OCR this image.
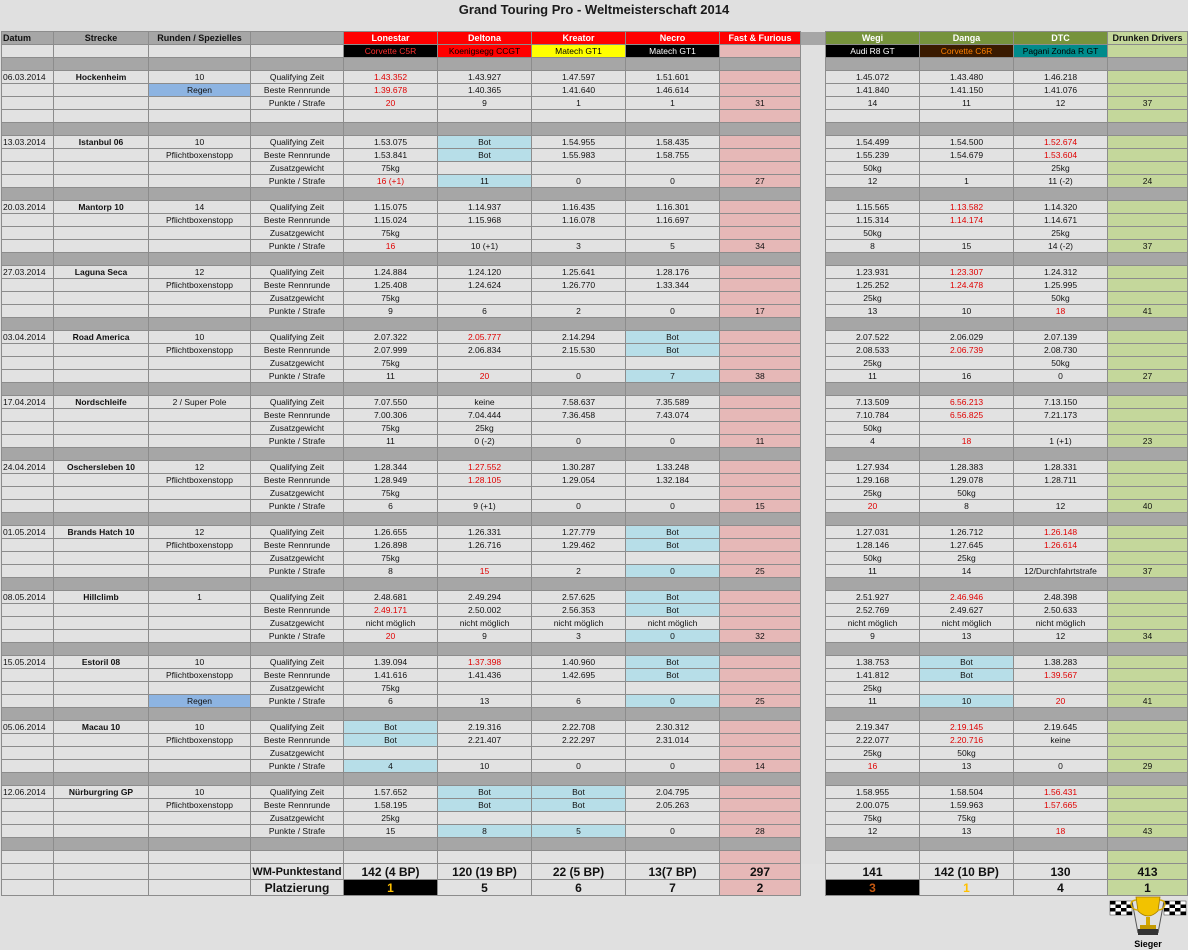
Grand Touring Pro - Weltmeisterschaft 2014
Datum	Strecke	Runden / Spezielles		Lonestar	Deltona	Kreator	Necro	Fast & Furious		Wegi	Danga	DTC	Drunken Drivers
				Corvette C5R	Koenigsegg CCGT	Matech GT1	Matech GT1			Audi R8 GT	Corvette C6R	Pagani Zonda R GT	

06.03.2014	Hockenheim	10	Qualifying Zeit	1.43.352	1.43.927	1.47.597	1.51.601			1.45.072	1.43.480	1.46.218	
		Regen	Beste Rennrunde	1.39.678	1.40.365	1.41.640	1.46.614			1.41.840	1.41.150	1.41.076	
			Punkte / Strafe	20	9	1	1	31		14	11	12	37

13.03.2014	Istanbul 06	10	Qualifying Zeit	1.53.075	Bot	1.54.955	1.58.435			1.54.499	1.54.500	1.52.674	
		Pflichtboxenstopp	Beste Rennrunde	1.53.841	Bot	1.55.983	1.58.755			1.55.239	1.54.679	1.53.604	
			Zusatzgewicht	75kg						50kg		25kg	
			Punkte / Strafe	16 (+1)	11	0	0	27		12	1	11 (-2)	24

20.03.2014	Mantorp 10	14	Qualifying Zeit	1.15.075	1.14.937	1.16.435	1.16.301			1.15.565	1.13.582	1.14.320	
		Pflichtboxenstopp	Beste Rennrunde	1.15.024	1.15.968	1.16.078	1.16.697			1.15.314	1.14.174	1.14.671	
			Zusatzgewicht	75kg						50kg		25kg	
			Punkte / Strafe	16	10 (+1)	3	5	34		8	15	14 (-2)	37

27.03.2014	Laguna Seca	12	Qualifying Zeit	1.24.884	1.24.120	1.25.641	1.28.176			1.23.931	1.23.307	1.24.312	
		Pflichtboxenstopp	Beste Rennrunde	1.25.408	1.24.624	1.26.770	1.33.344			1.25.252	1.24.478	1.25.995	
			Zusatzgewicht	75kg						25kg		50kg	
			Punkte / Strafe	9	6	2	0	17		13	10	18	41

03.04.2014	Road America	10	Qualifying Zeit	2.07.322	2.05.777	2.14.294	Bot			2.07.522	2.06.029	2.07.139	
		Pflichtboxenstopp	Beste Rennrunde	2.07.999	2.06.834	2.15.530	Bot			2.08.533	2.06.739	2.08.730	
			Zusatzgewicht	75kg						25kg		50kg	
			Punkte / Strafe	11	20	0	7	38		11	16	0	27

17.04.2014	Nordschleife	2 / Super Pole	Qualifying Zeit	7.07.550	keine	7.58.637	7.35.589			7.13.509	6.56.213	7.13.150	
			Beste Rennrunde	7.00.306	7.04.444	7.36.458	7.43.074			7.10.784	6.56.825	7.21.173	
			Zusatzgewicht	75kg	25kg					50kg			
			Punkte / Strafe	11	0 (-2)	0	0	11		4	18	1 (+1)	23

24.04.2014	Oschersleben 10	12	Qualifying Zeit	1.28.344	1.27.552	1.30.287	1.33.248			1.27.934	1.28.383	1.28.331	
		Pflichtboxenstopp	Beste Rennrunde	1.28.949	1.28.105	1.29.054	1.32.184			1.29.168	1.29.078	1.28.711	
			Zusatzgewicht	75kg						25kg	50kg		
			Punkte / Strafe	6	9 (+1)	0	0	15		20	8	12	40

01.05.2014	Brands Hatch 10	12	Qualifying Zeit	1.26.655	1.26.331	1.27.779	Bot			1.27.031	1.26.712	1.26.148	
		Pflichtboxenstopp	Beste Rennrunde	1.26.898	1.26.716	1.29.462	Bot			1.28.146	1.27.645	1.26.614	
			Zusatzgewicht	75kg						50kg	25kg		
			Punkte / Strafe	8	15	2	0	25		11	14	12/Durchfahrtstrafe	37

08.05.2014	Hillclimb	1	Qualifying Zeit	2.48.681	2.49.294	2.57.625	Bot			2.51.927	2.46.946	2.48.398	
			Beste Rennrunde	2.49.171	2.50.002	2.56.353	Bot			2.52.769	2.49.627	2.50.633	
			Zusatzgewicht	nicht möglich	nicht möglich	nicht möglich	nicht möglich			nicht möglich	nicht möglich	nicht möglich	
			Punkte / Strafe	20	9	3	0	32		9	13	12	34

15.05.2014	Estoril 08	10	Qualifying Zeit	1.39.094	1.37.398	1.40.960	Bot			1.38.753	Bot	1.38.283	
		Pflichtboxenstopp	Beste Rennrunde	1.41.616	1.41.436	1.42.695	Bot			1.41.812	Bot	1.39.567	
			Zusatzgewicht	75kg						25kg			
		Regen	Punkte / Strafe	6	13	6	0	25		11	10	20	41

05.06.2014	Macau 10	10	Qualifying Zeit	Bot	2.19.316	2.22.708	2.30.312			2.19.347	2.19.145	2.19.645	
		Pflichtboxenstopp	Beste Rennrunde	Bot	2.21.407	2.22.297	2.31.014			2.22.077	2.20.716	keine	
			Zusatzgewicht							25kg	50kg		
			Punkte / Strafe	4	10	0	0	14		16	13	0	29

12.06.2014	Nürburgring GP	10	Qualifying Zeit	1.57.652	Bot	Bot	2.04.795			1.58.955	1.58.504	1.56.431	
		Pflichtboxenstopp	Beste Rennrunde	1.58.195	Bot	Bot	2.05.263			2.00.075	1.59.963	1.57.665	
			Zusatzgewicht	25kg						75kg	75kg		
			Punkte / Strafe	15	8	5	0	28		12	13	18	43

			WM-Punktestand	142 (4 BP)	120 (19 BP)	22 (5 BP)	13(7 BP)	297		141	142 (10 BP)	130	413
			Platzierung	1	5	6	7	2		3	1	4	1
Sieger
